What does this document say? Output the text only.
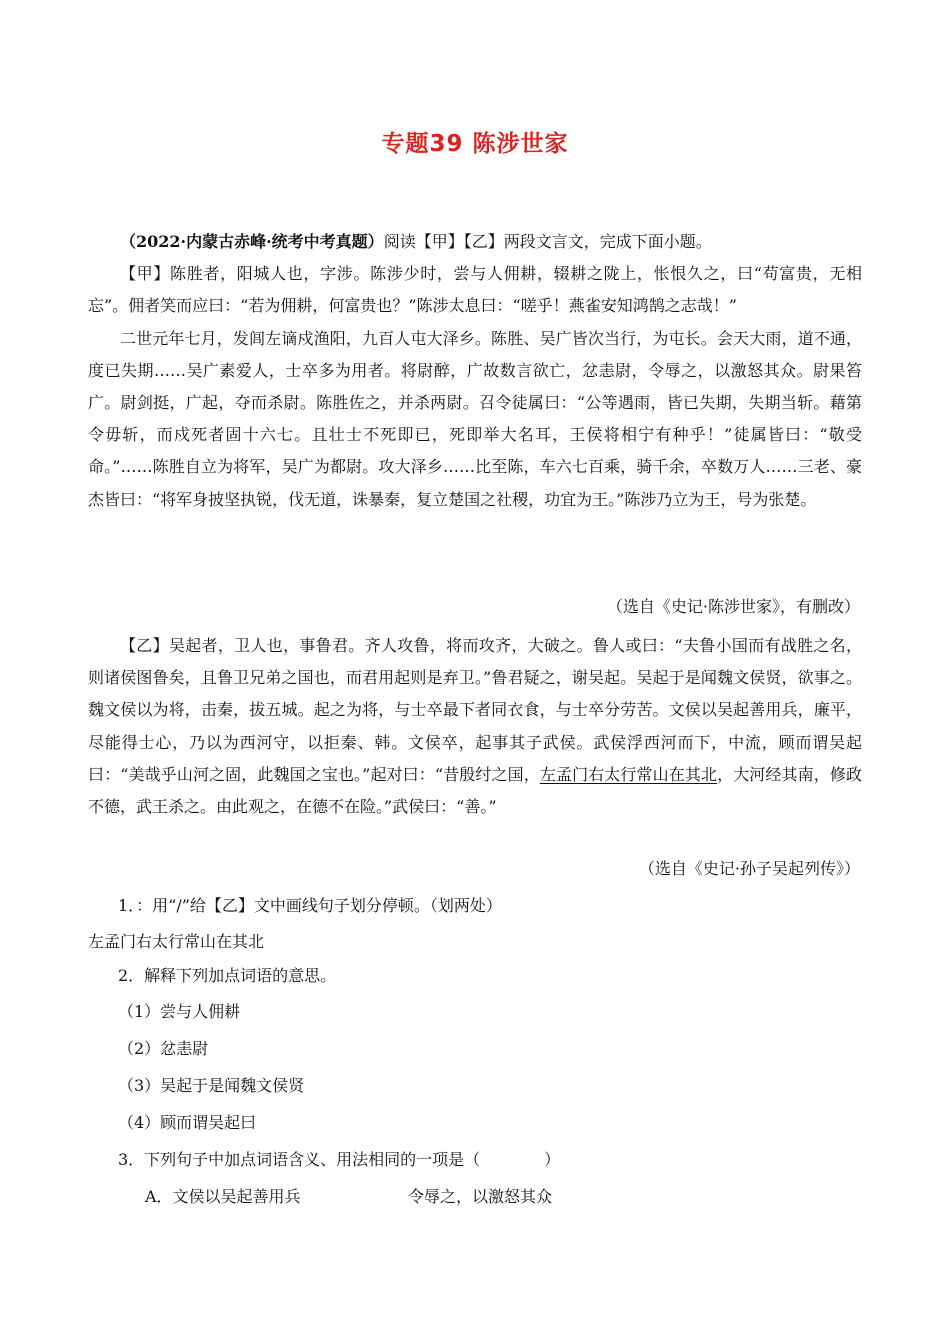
专题39 陈涉世家

（2022·内蒙古赤峰·统考中考真题）阅读【甲】【乙】两段文言文，完成下面小题。

【甲】陈胜者，阳城人也，字涉。陈涉少时，尝与人佣耕，辍耕之陇上，怅恨久之，曰“苟富贵，无相忘”。佣者笑而应曰：“若为佣耕，何富贵也？”陈涉太息曰：“嗟乎！燕雀安知鸿鹄之志哉！”

二世元年七月，发闾左谪戍渔阳，九百人屯大泽乡。陈胜、吴广皆次当行，为屯长。会天大雨，道不通，度已失期……吴广素爱人，士卒多为用者。将尉醉，广故数言欲亡，忿恚尉，令辱之，以激怒其众。尉果笞广。尉剑挺，广起，夺而杀尉。陈胜佐之，并杀两尉。召令徒属曰：“公等遇雨，皆已失期，失期当斩。藉第令毋斩，而戍死者固十六七。且壮士不死即已，死即举大名耳，王侯将相宁有种乎！”徒属皆曰：“敬受命。”……陈胜自立为将军，吴广为都尉。攻大泽乡……比至陈，车六七百乘，骑千余，卒数万人……三老、豪杰皆曰：“将军身披坚执锐，伐无道，诛暴秦，复立楚国之社稷，功宜为王。”陈涉乃立为王，号为张楚。

（选自《史记·陈涉世家》，有删改）

【乙】吴起者，卫人也，事鲁君。齐人攻鲁，将而攻齐，大破之。鲁人或曰：“夫鲁小国而有战胜之名，则诸侯图鲁矣，且鲁卫兄弟之国也，而君用起则是弃卫。”鲁君疑之，谢吴起。吴起于是闻魏文侯贤，欲事之。魏文侯以为将，击秦，拔五城。起之为将，与士卒最下者同衣食，与士卒分劳苦。文侯以吴起善用兵，廉平，尽能得士心，乃以为西河守，以拒秦、韩。文侯卒，起事其子武侯。武侯浮西河而下，中流，顾而谓吴起曰：“美哉乎山河之固，此魏国之宝也。”起对曰：“昔殷纣之国，左孟门右太行常山在其北，大河经其南，修政不德，武王杀之。由此观之，在德不在险。”武侯曰：“善。”

（选自《史记·孙子吴起列传》）
1．：用“/”给【乙】文中画线句子划分停顿。（划两处）
左孟门右太行常山在其北
2．解释下列加点词语的意思。
（1）尝与人佣耕
（2）忿恚尉
（3）吴起于是闻魏文侯贤
（4）顾而谓吴起曰
3．下列句子中加点词语含义、用法相同的一项是（　　　　）
A．文侯以吴起善用兵	令辱之，以激怒其众
